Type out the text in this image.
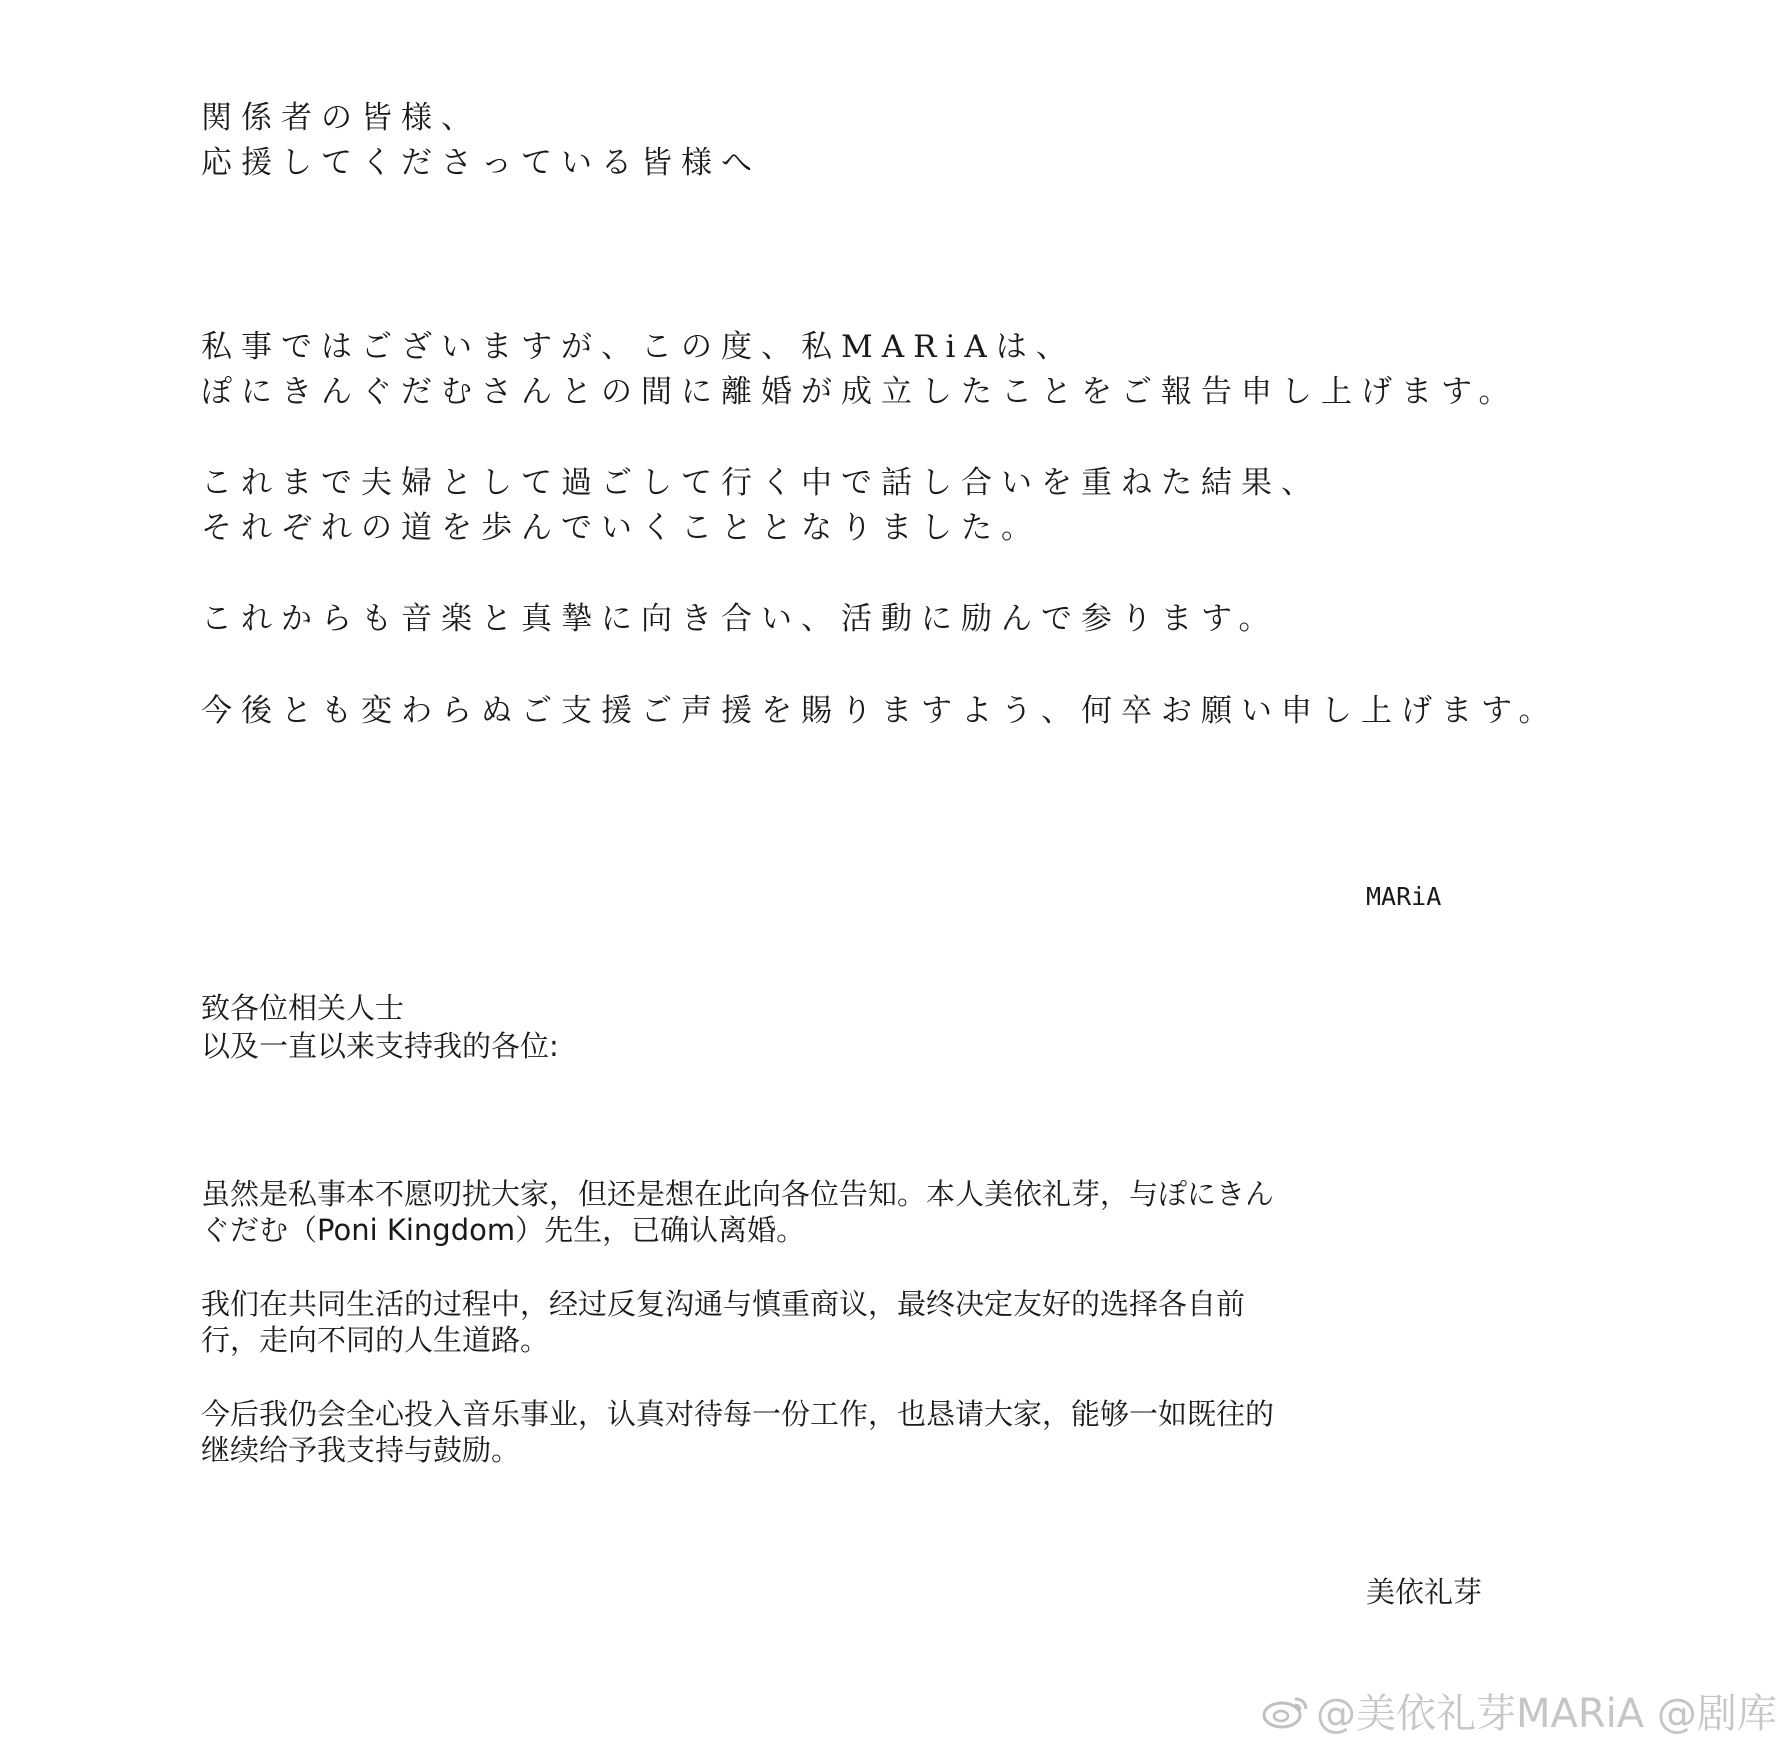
関係者の皆様、
応援してくださっている皆様へ
私事ではございますが、この度、私MARiAは、
ぽにきんぐだむさんとの間に離婚が成立したことをご報告申し上げます。
これまで夫婦として過ごして行く中で話し合いを重ねた結果、
それぞれの道を歩んでいくこととなりました。
これからも音楽と真摯に向き合い、活動に励んで参ります。
今後とも変わらぬご支援ご声援を賜りますよう、何卒お願い申し上げます。
MARiA
致各位相关人士
以及一直以来支持我的各位:
虽然是私事本不愿叨扰大家，但还是想在此向各位告知。本人美依礼芽，与ぽにきん
ぐだむ（Poni Kingdom）先生，已确认离婚。
我们在共同生活的过程中，经过反复沟通与慎重商议，最终决定友好的选择各自前
行，走向不同的人生道路。
今后我仍会全心投入音乐事业，认真对待每一份工作，也恳请大家，能够一如既往的
继续给予我支持与鼓励。
美依礼芽
@美依礼芽MARiA @剧库
